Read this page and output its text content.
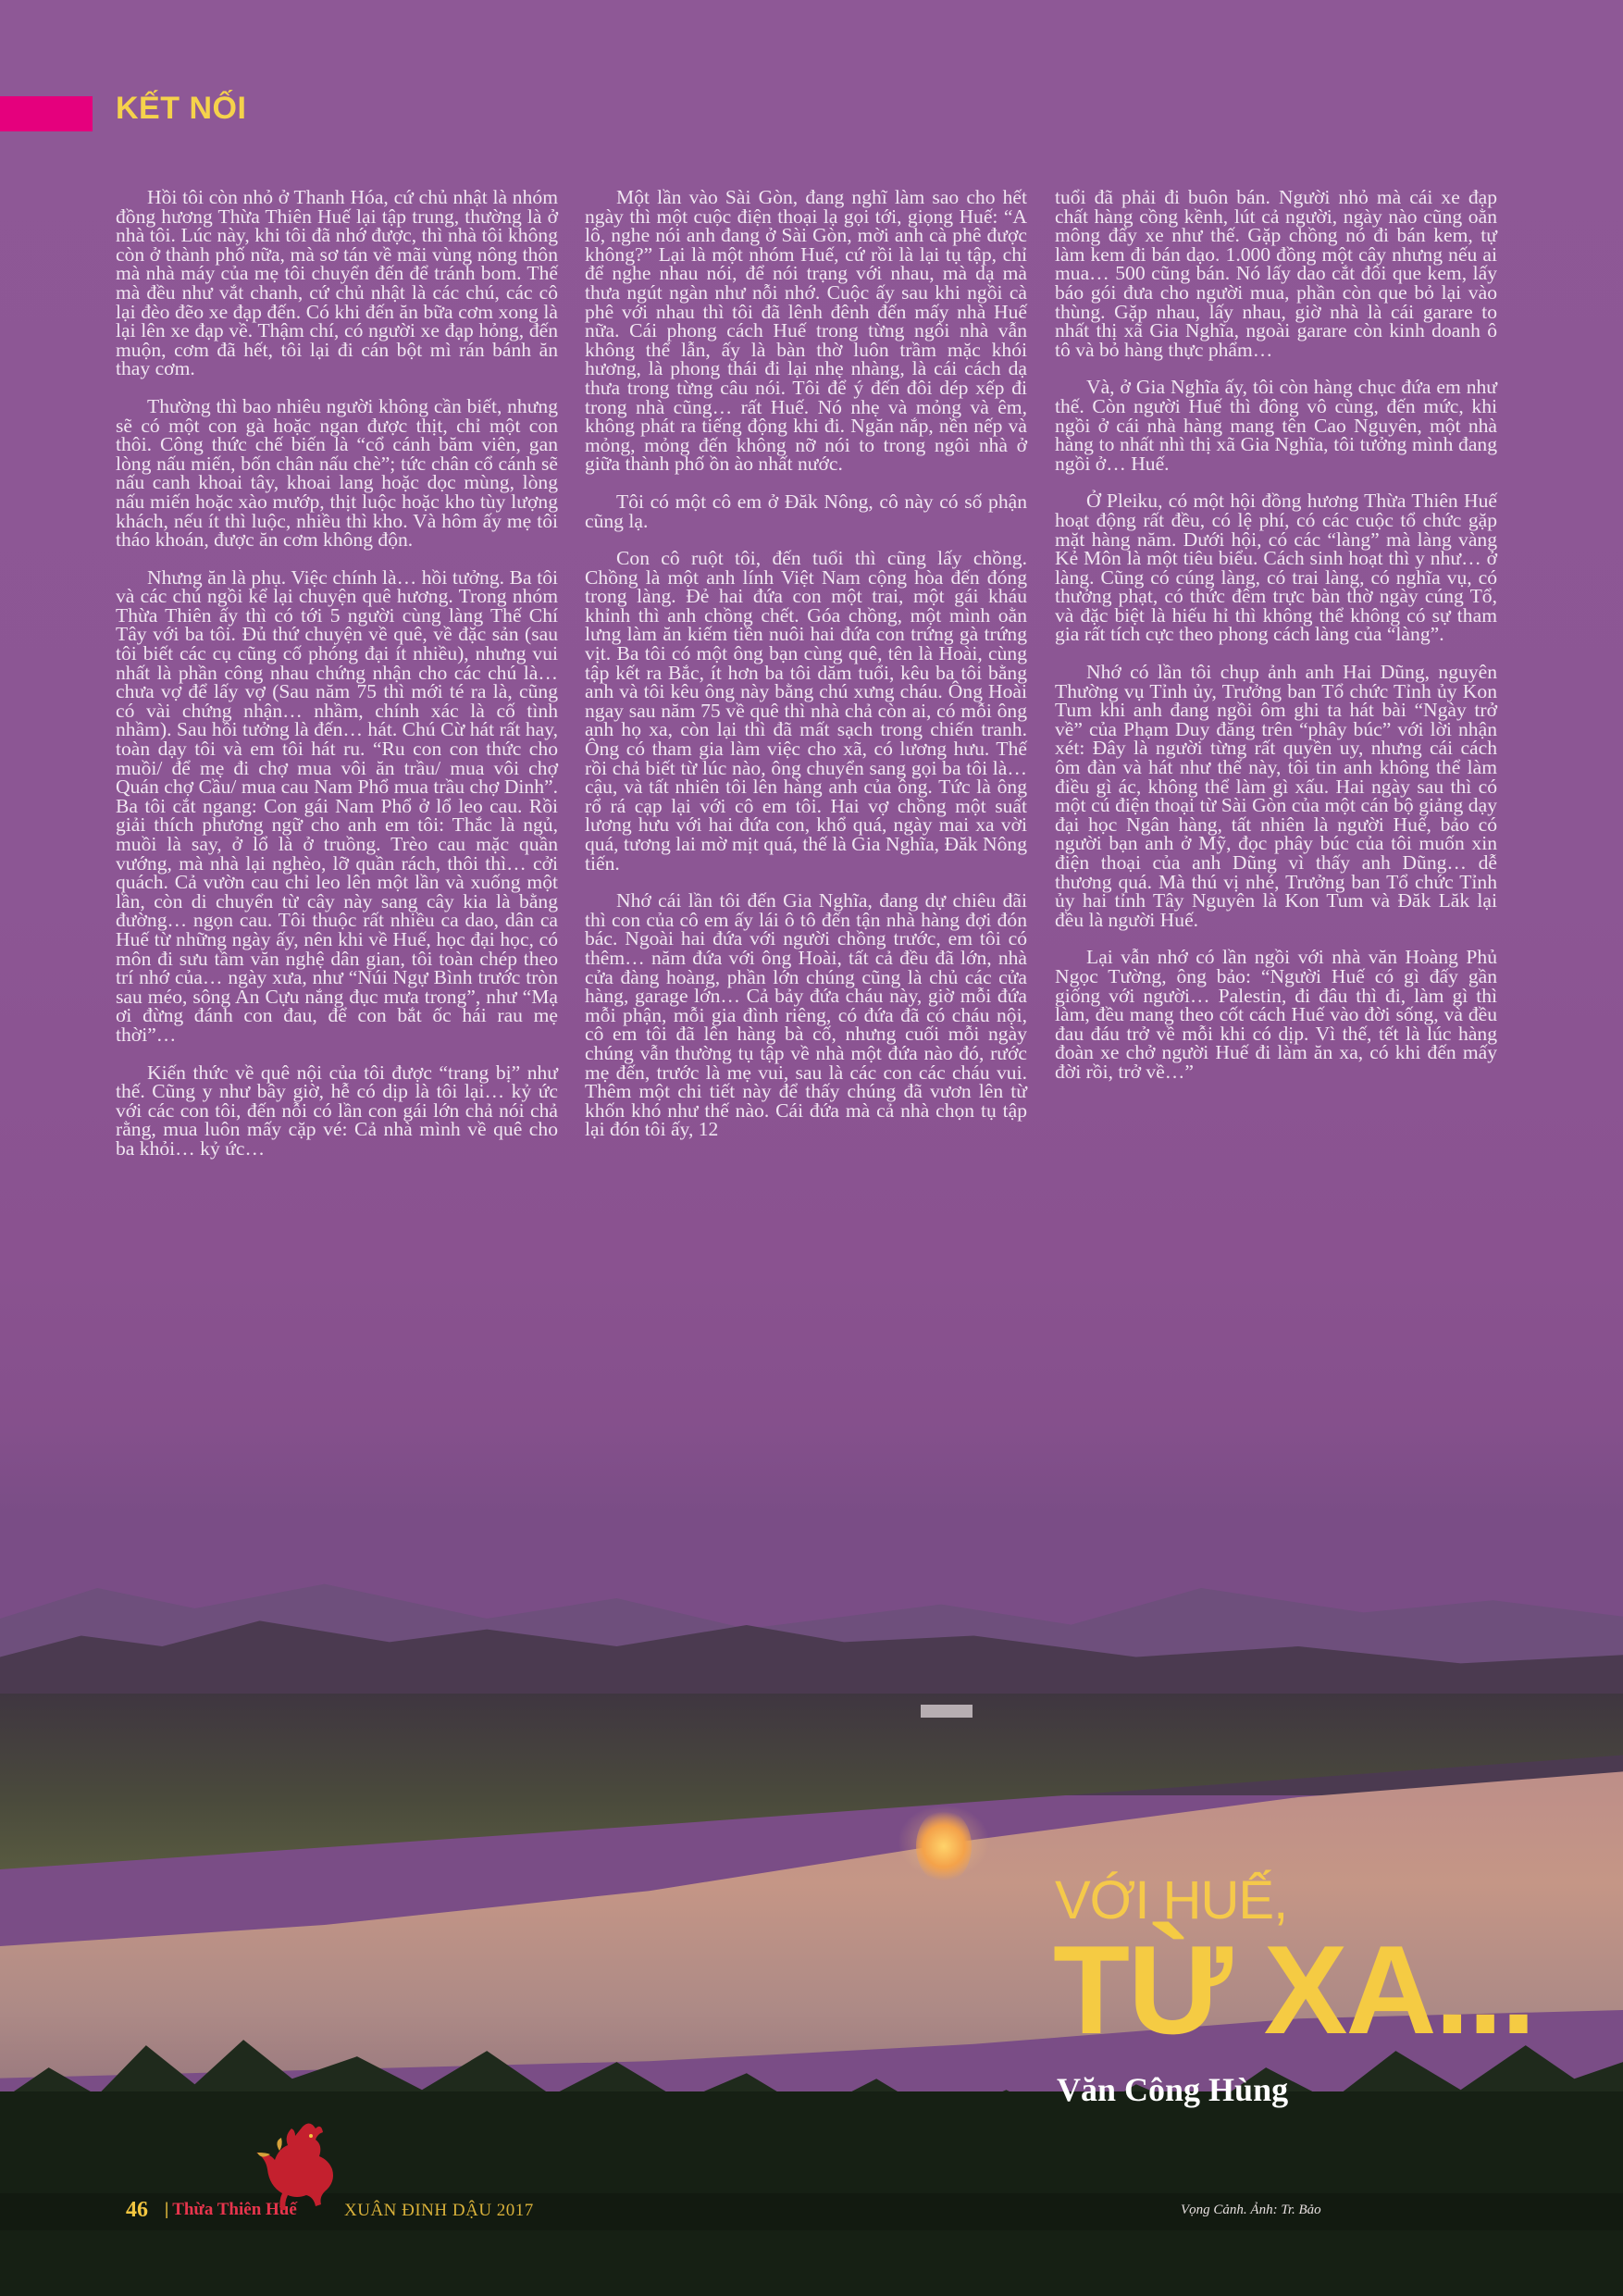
KẾT NỐI

Hồi tôi còn nhỏ ở Thanh Hóa, cứ chủ nhật là nhóm đồng hương Thừa Thiên Huế lại tập trung, thường là ở nhà tôi. Lúc này, khi tôi đã nhớ được, thì nhà tôi không còn ở thành phố nữa, mà sơ tán về mãi vùng nông thôn mà nhà máy của mẹ tôi chuyển đến để tránh bom. Thế mà đều như vắt chanh, cứ chủ nhật là các chú, các cô lại đèo đẽo xe đạp đến. Có khi đến ăn bữa cơm xong là lại lên xe đạp về. Thậm chí, có người xe đạp hỏng, đến muộn, cơm đã hết, tôi lại đi cán bột mì rán bánh ăn thay cơm.

Thường thì bao nhiêu người không cần biết, nhưng sẽ có một con gà hoặc ngan được thịt, chỉ một con thôi. Công thức chế biến là “cổ cánh băm viên, gan lòng nấu miến, bốn chân nấu chè”; tức chân cổ cánh sẽ nấu canh khoai tây, khoai lang hoặc dọc mùng, lòng nấu miến hoặc xào mướp, thịt luộc hoặc kho tùy lượng khách, nếu ít thì luộc, nhiều thì kho. Và hôm ấy mẹ tôi tháo khoán, được ăn cơm không độn.

Nhưng ăn là phụ. Việc chính là… hồi tưởng. Ba tôi và các chú ngồi kể lại chuyện quê hương. Trong nhóm Thừa Thiên ấy thì có tới 5 người cùng làng Thế Chí Tây với ba tôi. Đủ thứ chuyện về quê, về đặc sản (sau tôi biết các cụ cũng cố phóng đại ít nhiều), nhưng vui nhất là phần công nhau chứng nhận cho các chú là… chưa vợ để lấy vợ (Sau năm 75 thì mới té ra là, cũng có vài chứng nhận… nhầm, chính xác là cố tình nhầm). Sau hồi tưởng là đến… hát. Chú Cừ hát rất hay, toàn dạy tôi và em tôi hát ru. “Ru con con thức cho muồi/ để mẹ đi chợ mua vôi ăn trầu/ mua vôi chợ Quán chợ Cầu/ mua cau Nam Phổ mua trầu chợ Dinh”. Ba tôi cắt ngang: Con gái Nam Phổ ở lổ leo cau. Rồi giải thích phương ngữ cho anh em tôi: Thắc là ngủ, muồi là say, ở lổ là ở truồng. Trèo cau mặc quần vướng, mà nhà lại nghèo, lỡ quần rách, thôi thì… cởi quách. Cả vườn cau chỉ leo lên một lần và xuống một lần, còn di chuyển từ cây này sang cây kia là bằng đường… ngọn cau. Tôi thuộc rất nhiều ca dao, dân ca Huế từ những ngày ấy, nên khi về Huế, học đại học, có môn đi sưu tầm văn nghệ dân gian, tôi toàn chép theo trí nhớ của… ngày xưa, như “Núi Ngự Bình trước tròn sau méo, sông An Cựu nắng đục mưa trong”, như “Mạ ơi đừng đánh con đau, để con bắt ốc hái rau mẹ thời”…

Kiến thức về quê nội của tôi được “trang bị” như thế. Cũng y như bây giờ, hễ có dịp là tôi lại… kỷ ức với các con tôi, đến nỗi có lần con gái lớn chả nói chả rằng, mua luôn mấy cặp vé: Cả nhà mình về quê cho ba khỏi… kỷ ức…

Một lần vào Sài Gòn, đang nghĩ làm sao cho hết ngày thì một cuộc điện thoại lạ gọi tới, giọng Huế: “A lô, nghe nói anh đang ở Sài Gòn, mời anh cà phê được không?” Lại là một nhóm Huế, cứ rồi là lại tụ tập, chỉ để nghe nhau nói, để nói trạng với nhau, mà dạ mà thưa ngút ngàn như nỗi nhớ. Cuộc ấy sau khi ngồi cà phê với nhau thì tôi đã lênh đênh đến mấy nhà Huế nữa. Cái phong cách Huế trong từng ngôi nhà vẫn không thể lẫn, ấy là bàn thờ luôn trầm mặc khói hương, là phong thái đi lại nhẹ nhàng, là cái cách dạ thưa trong từng câu nói. Tôi để ý đến đôi dép xếp đi trong nhà cũng… rất Huế. Nó nhẹ và mỏng và êm, không phát ra tiếng động khi đi. Ngăn nắp, nền nếp và mỏng, mỏng đến không nỡ nói to trong ngôi nhà ở giữa thành phố ồn ào nhất nước.

Tôi có một cô em ở Đăk Nông, cô này có số phận cũng lạ.

Con cô ruột tôi, đến tuổi thì cũng lấy chồng. Chồng là một anh lính Việt Nam cộng hòa đến đóng trong làng. Đẻ hai đứa con một trai, một gái kháu khỉnh thì anh chồng chết. Góa chồng, một mình oằn lưng làm ăn kiếm tiền nuôi hai đứa con trứng gà trứng vịt. Ba tôi có một ông bạn cùng quê, tên là Hoài, cùng tập kết ra Bắc, ít hơn ba tôi dăm tuổi, kêu ba tôi bằng anh và tôi kêu ông này bằng chú xưng cháu. Ông Hoài ngay sau năm 75 về quê thì nhà chả còn ai, có mỗi ông anh họ xa, còn lại thì đã mất sạch trong chiến tranh. Ông có tham gia làm việc cho xã, có lương hưu. Thế rồi chả biết từ lúc nào, ông chuyển sang gọi ba tôi là… cậu, và tất nhiên tôi lên hàng anh của ông. Tức là ông rổ rá cạp lại với cô em tôi. Hai vợ chồng một suất lương hưu với hai đứa con, khổ quá, ngày mai xa vời quá, tương lai mờ mịt quá, thế là Gia Nghĩa, Đăk Nông tiến.

Nhớ cái lần tôi đến Gia Nghĩa, đang dự chiêu đãi thì con của cô em ấy lái ô tô đến tận nhà hàng đợi đón bác. Ngoài hai đứa với người chồng trước, em tôi có thêm… năm đứa với ông Hoài, tất cả đều đã lớn, nhà cửa đàng hoàng, phần lớn chúng cũng là chủ các cửa hàng, garage lớn… Cả bảy đứa cháu này, giờ mỗi đứa mỗi phận, mỗi gia đình riêng, có đứa đã có cháu nội, cô em tôi đã lên hàng bà cố, nhưng cuối mỗi ngày chúng vẫn thường tụ tập về nhà một đứa nào đó, rước mẹ đến, trước là mẹ vui, sau là các con các cháu vui. Thêm một chi tiết này để thấy chúng đã vươn lên từ khốn khó như thế nào. Cái đứa mà cả nhà chọn tụ tập lại đón tôi ấy, 12

tuổi đã phải đi buôn bán. Người nhỏ mà cái xe đạp chất hàng cồng kềnh, lút cả người, ngày nào cũng oằn mông đẩy xe như thế. Gặp chồng nó đi bán kem, tự làm kem đi bán dạo. 1.000 đồng một cây nhưng nếu ai mua… 500 cũng bán. Nó lấy dao cắt đôi que kem, lấy báo gói đưa cho người mua, phần còn que bỏ lại vào thùng. Gặp nhau, lấy nhau, giờ nhà là cái garare to nhất thị xã Gia Nghĩa, ngoài garare còn kinh doanh ô tô và bỏ hàng thực phẩm…

Và, ở Gia Nghĩa ấy, tôi còn hàng chục đứa em như thế. Còn người Huế thì đông vô cùng, đến mức, khi ngồi ở cái nhà hàng mang tên Cao Nguyên, một nhà hàng to nhất nhì thị xã Gia Nghĩa, tôi tưởng mình đang ngồi ở… Huế.

Ở Pleiku, có một hội đồng hương Thừa Thiên Huế hoạt động rất đều, có lệ phí, có các cuộc tổ chức gặp mặt hàng năm. Dưới hội, có các “làng” mà làng vàng Kẻ Môn là một tiêu biểu. Cách sinh hoạt thì y như… ở làng. Cũng có cúng làng, có trai làng, có nghĩa vụ, có thưởng phạt, có thức đêm trực bàn thờ ngày cúng Tổ, và đặc biệt là hiếu hỉ thì không thể không có sự tham gia rất tích cực theo phong cách làng của “làng”.

Nhớ có lần tôi chụp ảnh anh Hai Dũng, nguyên Thường vụ Tỉnh ủy, Trưởng ban Tổ chức Tỉnh ủy Kon Tum khi anh đang ngồi ôm ghi ta hát bài “Ngày trở về” của Phạm Duy đăng trên “phây búc” với lời nhận xét: Đây là người từng rất quyền uy, nhưng cái cách ôm đàn và hát như thế này, tôi tin anh không thể làm điều gì ác, không thể làm gì xấu. Hai ngày sau thì có một cú điện thoại từ Sài Gòn của một cán bộ giảng dạy đại học Ngân hàng, tất nhiên là người Huế, bảo có người bạn anh ở Mỹ, đọc phây búc của tôi muốn xin điện thoại của anh Dũng vì thấy anh Dũng… dễ thương quá. Mà thú vị nhé, Trưởng ban Tổ chức Tỉnh ủy hai tỉnh Tây Nguyên là Kon Tum và Đăk Lăk lại đều là người Huế.

Lại vẫn nhớ có lần ngồi với nhà văn Hoàng Phủ Ngọc Tường, ông bảo: “Người Huế có gì đấy gần giống với người… Palestin, đi đâu thì đi, làm gì thì làm, đều mang theo cốt cách Huế vào đời sống, và đều đau đáu trở về mỗi khi có dịp. Vì thế, tết là lúc hàng đoàn xe chở người Huế đi làm ăn xa, có khi đến mấy đời rồi, trở về…”

VỚI HUẾ,
TỪ XA...
Văn Công Hùng
46 | Thừa Thiên Huế	XUÂN ĐINH DẬU 2017	Vọng Cảnh. Ảnh: Tr. Bảo
